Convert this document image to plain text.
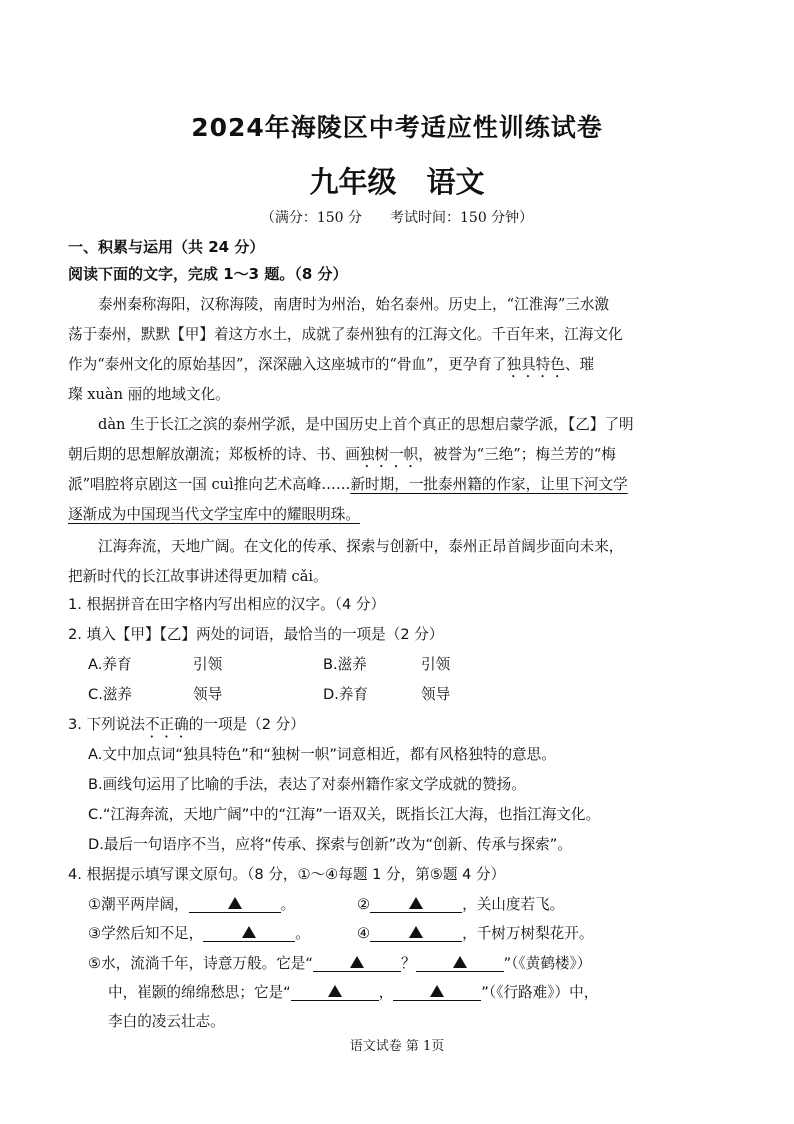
2024年海陵区中考适应性训练试卷
九年级 语文
（满分：150 分　　考试时间：150 分钟）
一、积累与运用（共 24 分）
阅读下面的文字，完成 1～3 题。（8 分）
泰州秦称海阳，汉称海陵，南唐时为州治，始名泰州。历史上，“江淮海”三水激
荡于泰州，默默【甲】着这方水土，成就了泰州独有的江海文化。千百年来，江海文化
作为“泰州文化的原始基因”，深深融入这座城市的“骨血”，更孕育了独具特色、璀
璨 xuàn 丽的地域文化。
dàn 生于长江之滨的泰州学派，是中国历史上首个真正的思想启蒙学派，【乙】了明
朝后期的思想解放潮流；郑板桥的诗、书、画独树一帜，被誉为“三绝”；梅兰芳的“梅
派”唱腔将京剧这一国 cuì推向艺术高峰……新时期，一批泰州籍的作家，让里下河文学
逐渐成为中国现当代文学宝库中的耀眼明珠。
江海奔流，天地广阔。在文化的传承、探索与创新中，泰州正昂首阔步面向未来，
把新时代的长江故事讲述得更加精 cǎi。
1. 根据拼音在田字格内写出相应的汉字。（4 分）
2. 填入【甲】【乙】两处的词语，最恰当的一项是（2 分）
A.养育	引领	B.滋养	引领
C.滋养	领导	D.养育	领导
3. 下列说法不正确的一项是（2 分）
A.文中加点词“独具特色”和“独树一帜”词意相近，都有风格独特的意思。
B.画线句运用了比喻的手法，表达了对泰州籍作家文学成就的赞扬。
C.“江海奔流，天地广阔”中的“江海”一语双关，既指长江大海，也指江海文化。
D.最后一句语序不当，应将“传承、探索与创新”改为“创新、传承与探索”。
4. 根据提示填写课文原句。（8 分，①～④每题 1 分，第⑤题 4 分）
①潮平两岸阔，	。	②	，关山度若飞。
③学然后知不足，	。	④	，千树万树梨花开。
⑤水，流淌千年，诗意万般。它是“	？	”（《黄鹤楼》）
中，崔颢的绵绵愁思；它是“	，	”（《行路难》）中，
李白的凌云壮志。
语文试卷 第 1页
